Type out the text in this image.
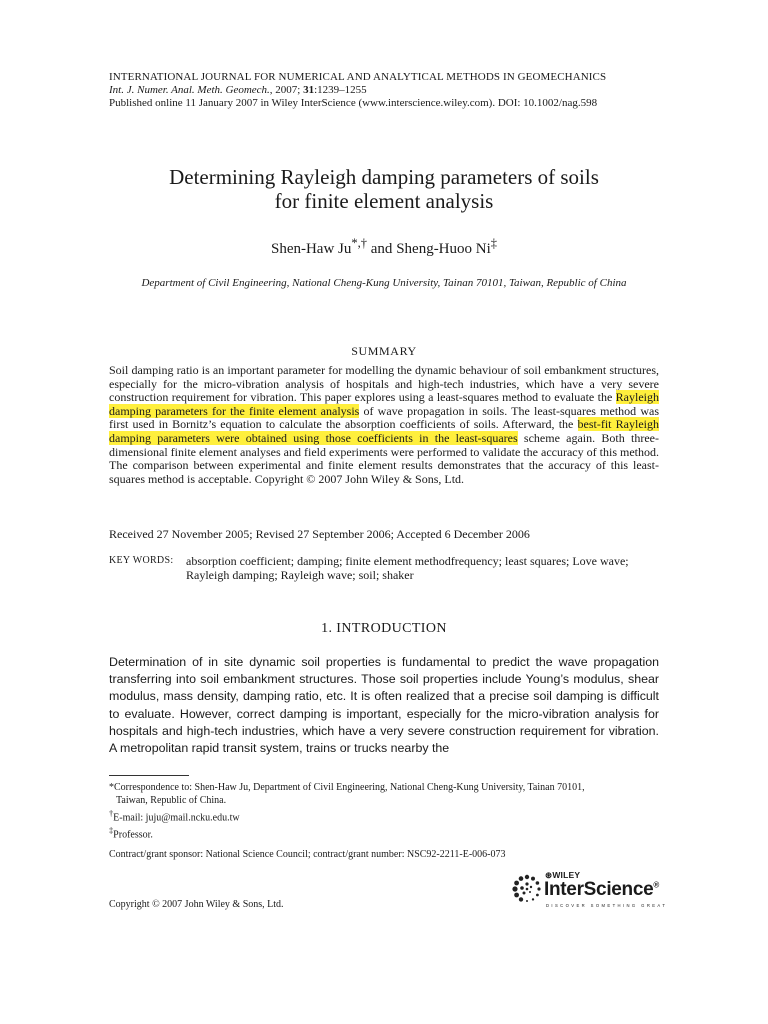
INTERNATIONAL JOURNAL FOR NUMERICAL AND ANALYTICAL METHODS IN GEOMECHANICS
Int. J. Numer. Anal. Meth. Geomech., 2007; 31:1239–1255
Published online 11 January 2007 in Wiley InterScience (www.interscience.wiley.com). DOI: 10.1002/nag.598
Determining Rayleigh damping parameters of soils
for finite element analysis
Shen-Haw Ju*,† and Sheng-Huoo Ni‡
Department of Civil Engineering, National Cheng-Kung University, Tainan 70101, Taiwan, Republic of China
SUMMARY
Soil damping ratio is an important parameter for modelling the dynamic behaviour of soil embankment structures, especially for the micro-vibration analysis of hospitals and high-tech industries, which have a very severe construction requirement for vibration. This paper explores using a least-squares method to evaluate the Rayleigh damping parameters for the finite element analysis of wave propagation in soils. The least-squares method was first used in Bornitz’s equation to calculate the absorption coefficients of soils. Afterward, the best-fit Rayleigh damping parameters were obtained using those coefficients in the least-squares scheme again. Both three-dimensional finite element analyses and field experiments were performed to validate the accuracy of this method. The comparison between experimental and finite element results demonstrates that the accuracy of this least-squares method is acceptable. Copyright © 2007 John Wiley & Sons, Ltd.
Received 27 November 2005; Revised 27 September 2006; Accepted 6 December 2006
KEY WORDS: absorption coefficient; damping; finite element methodfrequency; least squares; Love wave;
Rayleigh damping; Rayleigh wave; soil; shaker
1. INTRODUCTION
Determination of in site dynamic soil properties is fundamental to predict the wave propagation transferring into soil embankment structures. Those soil properties include Young’s modulus, shear modulus, mass density, damping ratio, etc. It is often realized that a precise soil damping is difficult to evaluate. However, correct damping is important, especially for the micro-vibration analysis for hospitals and high-tech industries, which have a very severe construction requirement for vibration. A metropolitan rapid transit system, trains or trucks nearby the
*Correspondence to: Shen-Haw Ju, Department of Civil Engineering, National Cheng-Kung University, Tainan 70101,
Taiwan, Republic of China.
†E-mail: juju@mail.ncku.edu.tw
‡Professor.
Contract/grant sponsor: National Science Council; contract/grant number: NSC92-2211-E-006-073
Copyright © 2007 John Wiley & Sons, Ltd.
⊛WILEY
InterScience®
DISCOVER SOMETHING GREAT
